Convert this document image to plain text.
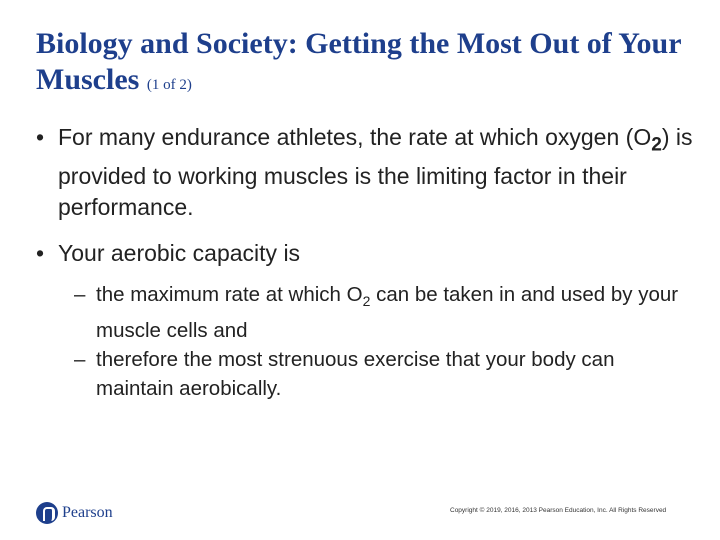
Biology and Society: Getting the Most Out of Your Muscles (1 of 2)
• For many endurance athletes, the rate at which oxygen $(O_2)$ is provided to working muscles is the limiting factor in their performance.
• Your aerobic capacity is
– the maximum rate at which $O_2$ can be taken in and used by your muscle cells and
– therefore the most strenuous exercise that your body can maintain aerobically.
Pearson	Copyright © 2019, 2016, 2013 Pearson Education, Inc. All Rights Reserved
